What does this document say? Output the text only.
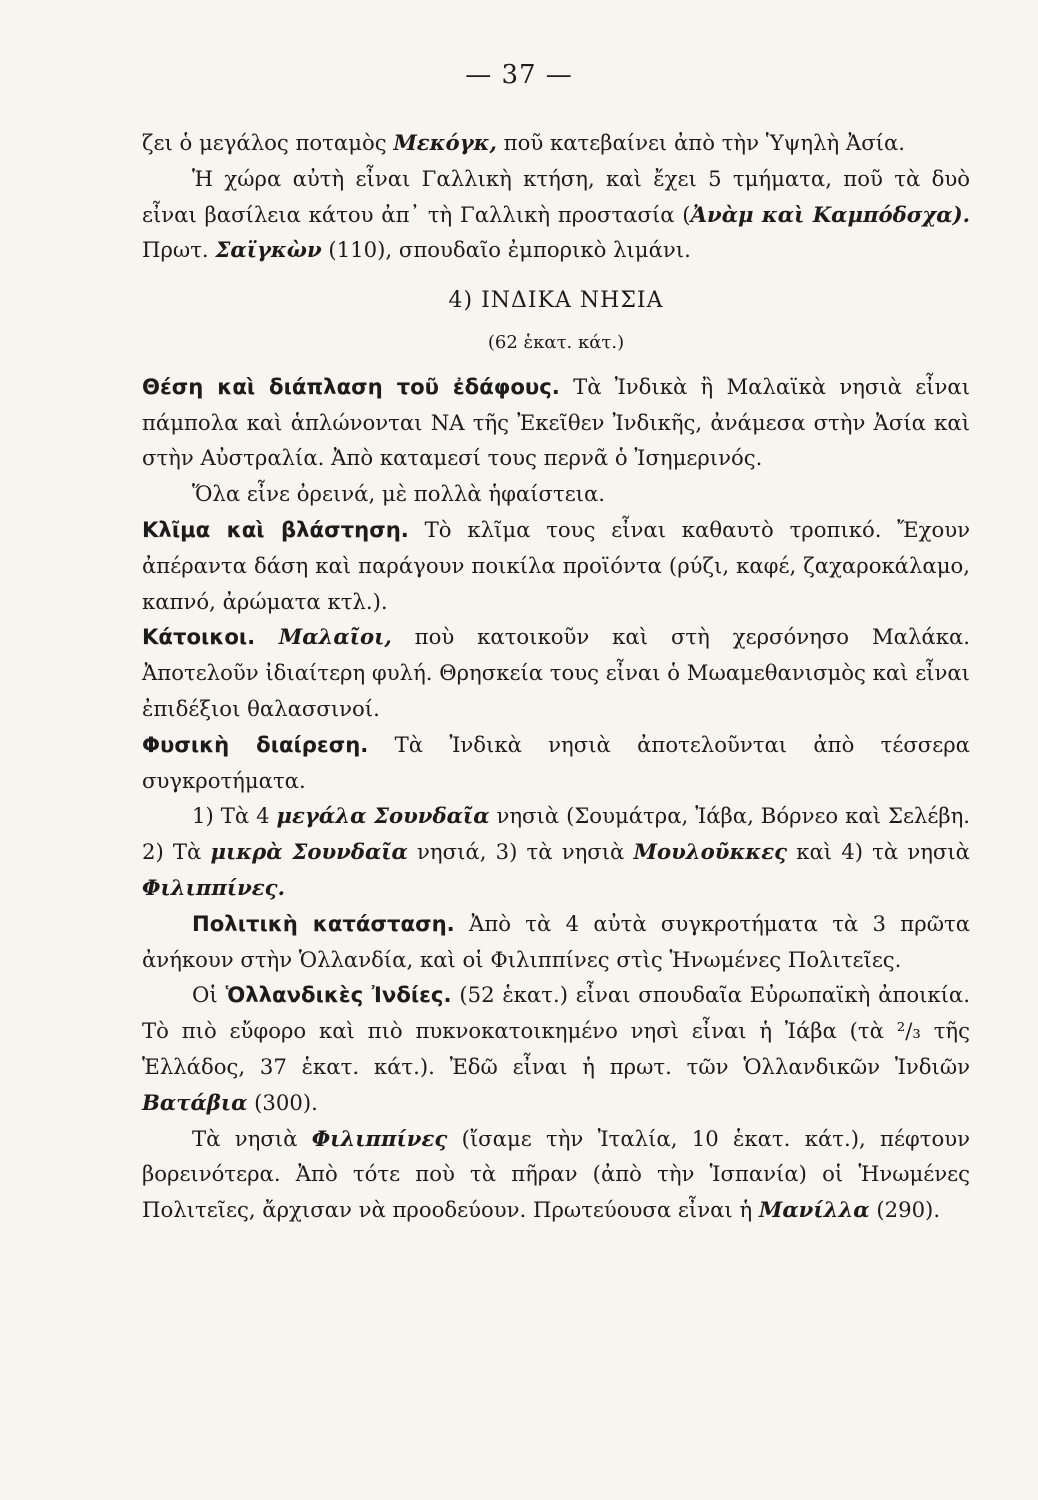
— 37 —

ζει ὁ μεγάλος ποταμὸς Μεκόγκ, ποῦ κατεβαίνει ἀπὸ τὴν Ὑψηλὴ Ἀσία.

Ἡ χώρα αὐτὴ εἶναι Γαλλικὴ κτήση, καὶ ἔχει 5 τμήματα, ποῦ τὰ δυὸ εἶναι βασίλεια κάτου ἀπ᾿ τὴ Γαλλικὴ προστασία (Ἀνὰμ καὶ Καμπόδσχα). Πρωτ. Σαϊγκὼν (110), σπουδαῖο ἐμπορικὸ λιμάνι.

4) ΙΝΔΙΚΑ ΝΗΣΙΑ

(62 ἑκατ. κάτ.)

Θέση καὶ διάπλαση τοῦ ἐδάφους. Τὰ Ἰνδικὰ ἢ Μαλαϊκὰ νησιὰ εἶναι πάμπολα καὶ ἁπλώνονται ΝΑ τῆς Ἐκεῖθεν Ἰνδικῆς, ἀνάμεσα στὴν Ἀσία καὶ στὴν Αὐστραλία. Ἀπὸ καταμεσί τους περνᾶ ὁ Ἰσημερινός.

Ὅλα εἶνε ὀρεινά, μὲ πολλὰ ἡφαίστεια.

Κλῖμα καὶ βλάστηση. Τὸ κλῖμα τους εἶναι καθαυτὸ τροπικό. Ἔχουν ἀπέραντα δάση καὶ παράγουν ποικίλα προϊόντα (ρύζι, καφέ, ζαχαροκάλαμο, καπνό, ἀρώματα κτλ.).

Κάτοικοι. Μαλαῖοι, ποὺ κατοικοῦν καὶ στὴ χερσόνησο Μαλάκα. Ἀποτελοῦν ἰδιαίτερη φυλή. Θρησκεία τους εἶναι ὁ Μωαμεθανισμὸς καὶ εἶναι ἐπιδέξιοι θαλασσινοί.

Φυσικὴ διαίρεση. Τὰ Ἰνδικὰ νησιὰ ἀποτελοῦνται ἀπὸ τέσσερα συγκροτήματα.

1) Τὰ 4 μεγάλα Σουνδαῖα νησιὰ (Σουμάτρα, Ἰάβα, Βόρνεο καὶ Σελέβη. 2) Τὰ μικρὰ Σουνδαῖα νησιά, 3) τὰ νησιὰ Μουλοῦκκες καὶ 4) τὰ νησιὰ Φιλιππίνες.

Πολιτικὴ κατάσταση. Ἀπὸ τὰ 4 αὐτὰ συγκροτήματα τὰ 3 πρῶτα ἀνήκουν στὴν Ὁλλανδία, καὶ οἱ Φιλιππίνες στὶς Ἡνωμένες Πολιτεῖες.

Οἱ Ὁλλανδικὲς Ἰνδίες. (52 ἑκατ.) εἶναι σπουδαῖα Εὐρωπαϊκὴ ἀποικία. Τὸ πιὸ εὔφορο καὶ πιὸ πυκνοκατοικημένο νησὶ εἶναι ἡ Ἰάβα (τὰ ²/₃ τῆς Ἑλλάδος, 37 ἑκατ. κάτ.). Ἐδῶ εἶναι ἡ πρωτ. τῶν Ὁλλανδικῶν Ἰνδιῶν Βατάβια (300).

Τὰ νησιὰ Φιλιππίνες (ἴσαμε τὴν Ἰταλία, 10 ἑκατ. κάτ.), πέφτουν βορεινότερα. Ἀπὸ τότε ποὺ τὰ πῆραν (ἀπὸ τὴν Ἱσπανία) οἱ Ἡνωμένες Πολιτεῖες, ἄρχισαν νὰ προοδεύουν. Πρωτεύουσα εἶναι ἡ Μανίλλα (290).
